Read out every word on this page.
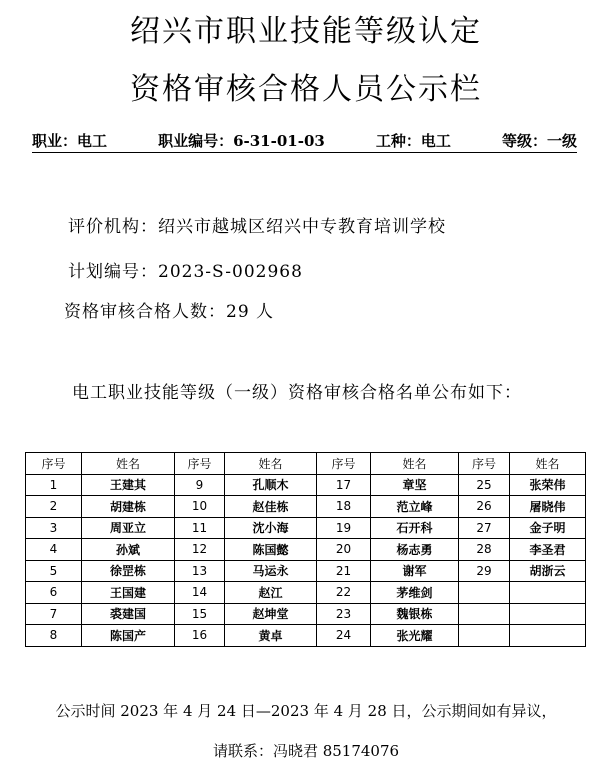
绍兴市职业技能等级认定
资格审核合格人员公示栏
职业：电工	职业编号：6-31-01-03	工种：电工	等级：一级
评价机构：绍兴市越城区绍兴中专教育培训学校
计划编号：2023-S-002968
资格审核合格人数：29 人
电工职业技能等级（一级）资格审核合格名单公布如下：
序号	姓名	序号	姓名	序号	姓名	序号	姓名
1	王建其	9	孔顺木	17	章坚	25	张荣伟
2	胡建栋	10	赵佳栋	18	范立峰	26	屠晓伟
3	周亚立	11	沈小海	19	石开科	27	金子明
4	孙斌	12	陈国懿	20	杨志勇	28	李圣君
5	徐罡栋	13	马运永	21	谢军	29	胡浙云
6	王国建	14	赵江	22	茅维剑		
7	裘建国	15	赵坤堂	23	魏银栋		
8	陈国产	16	黄卓	24	张光耀		
公示时间 2023 年 4 月 24 日—2023 年 4 月 28 日，公示期间如有异议，
请联系：冯晓君 85174076
